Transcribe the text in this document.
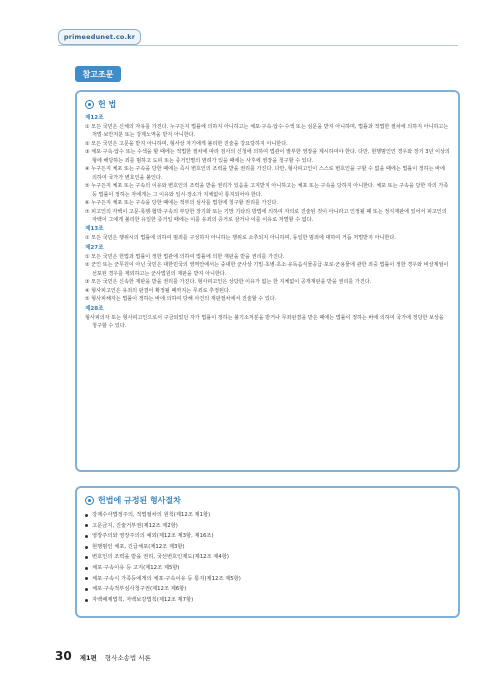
primeedunet.co.kr
참고조문
헌 법
제12조
① 모든 국민은 신체의 자유를 가진다. 누구든지 법률에 의하지 아니하고는 체포·구속·압수·수색 또는 심문을 받지 아니하며, 법률과 적법한 절차에 의하지 아니하고는 처벌·보안처분 또는 강제노역을 받지 아니한다.
② 모든 국민은 고문을 받지 아니하며, 형사상 자기에게 불리한 진술을 강요당하지 아니한다.
③ 체포·구속·압수 또는 수색을 할 때에는 적법한 절차에 따라 검사의 신청에 의하여 법관이 발부한 영장을 제시하여야 한다. 다만, 현행범인인 경우와 장기 3년 이상의 형에 해당하는 죄를 범하고 도피 또는 증거인멸의 염려가 있을 때에는 사후에 영장을 청구할 수 있다.
④ 누구든지 체포 또는 구속을 당한 때에는 즉시 변호인의 조력을 받을 권리를 가진다. 다만, 형사피고인이 스스로 변호인을 구할 수 없을 때에는 법률이 정하는 바에 의하여 국가가 변호인을 붙인다.
⑤ 누구든지 체포 또는 구속의 이유와 변호인의 조력을 받을 권리가 있음을 고지받지 아니하고는 체포 또는 구속을 당하지 아니한다. 체포 또는 구속을 당한 자의 가족등 법률이 정하는 자에게는 그 이유와 일시·장소가 지체없이 통지되어야 한다.
⑥ 누구든지 체포 또는 구속을 당한 때에는 적부의 심사를 법원에 청구할 권리를 가진다.
⑦ 피고인의 자백이 고문·폭행·협박·구속의 부당한 장기화 또는 기망 기타의 방법에 의하여 자의로 진술된 것이 아니라고 인정될 때 또는 정식재판에 있어서 피고인의 자백이 그에게 불리한 유일한 증거일 때에는 이를 유죄의 증거로 삼거나 이를 이유로 처벌할 수 없다.
제13조
① 모든 국민은 행위시의 법률에 의하여 범죄를 구성하지 아니하는 행위로 소추되지 아니하며, 동일한 범죄에 대하여 거듭 처벌받지 아니한다.
제27조
① 모든 국민은 헌법과 법률이 정한 법관에 의하여 법률에 의한 재판을 받을 권리를 가진다.
② 군인 또는 군무원이 아닌 국민은 대한민국의 영역안에서는 중대한 군사상 기밀·초병·초소·유독음식물공급·포로·군용물에 관한 죄중 법률이 정한 경우와 비상계엄이 선포된 경우를 제외하고는 군사법원의 재판을 받지 아니한다.
③ 모든 국민은 신속한 재판을 받을 권리를 가진다. 형사피고인은 상당한 이유가 없는 한 지체없이 공개재판을 받을 권리를 가진다.
④ 형사피고인은 유죄의 판결이 확정될 때까지는 무죄로 추정된다.
⑤ 형사피해자는 법률이 정하는 바에 의하여 당해 사건의 재판절차에서 진술할 수 있다.
제28조
형사피의자 또는 형사피고인으로서 구금되었던 자가 법률이 정하는 불기소처분을 받거나 무죄판결을 받은 때에는 법률이 정하는 바에 의하여 국가에 정당한 보상을 청구할 수 있다.
헌법에 규정된 형사절차
강제수사법정주의, 적법절차의 원칙(제12조 제1항)
고문금지, 진술거부권(제12조 제2항)
영장주의와 영장주의의 예외(제12조 제3항, 제16조)
현행범인 체포, 긴급체포(제12조 제3항)
변호인의 조력을 받을 권리, 국선변호인제도(제12조 제4항)
체포·구속이유 등 고지(제12조 제5항)
체포·구속시 가족등에게의 체포·구속이유 등 통지(제12조 제5항)
체포·구속적부심사청구권(제12조 제6항)
자백배제법칙, 자백보강법칙(제12조 제7항)
30 제1편 형사소송법 서론
